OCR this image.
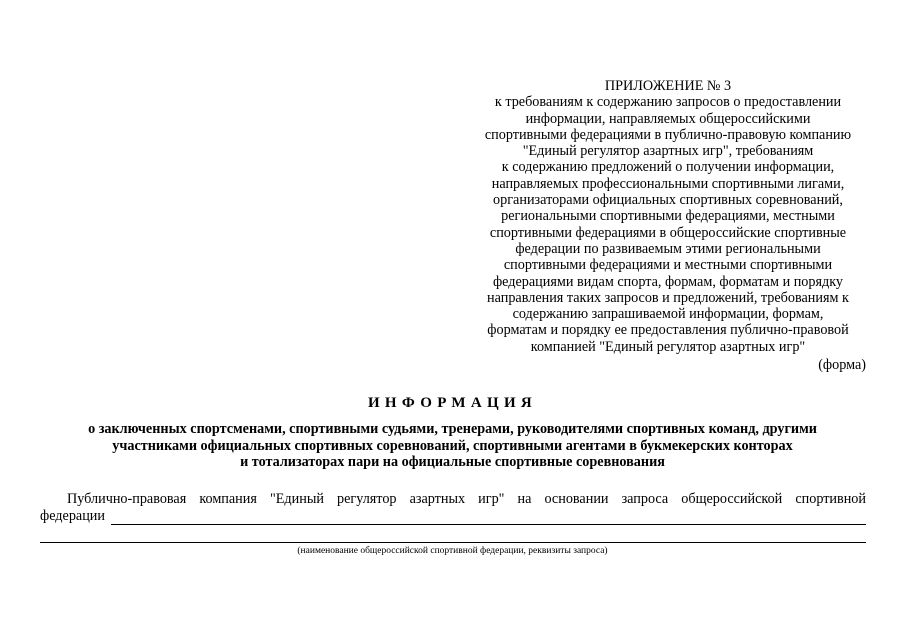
ПРИЛОЖЕНИЕ № 3
к требованиям к содержанию запросов о предоставлении
информации, направляемых общероссийскими
спортивными федерациями в публично-правовую компанию
"Единый регулятор азартных игр", требованиям
к содержанию предложений о получении информации,
направляемых профессиональными спортивными лигами,
организаторами официальных спортивных соревнований,
региональными спортивными федерациями, местными
спортивными федерациями в общероссийские спортивные
федерации по развиваемым этими региональными
спортивными федерациями и местными спортивными
федерациями видам спорта, формам, форматам и порядку
направления таких запросов и предложений, требованиям к
содержанию запрашиваемой информации, формам,
форматам и порядку ее предоставления публично-правовой
компанией "Единый регулятор азартных игр"
(форма)
ИНФОРМАЦИЯ
о заключенных спортсменами, спортивными судьями, тренерами, руководителями спортивных команд, другими
участниками официальных спортивных соревнований, спортивными агентами в букмекерских конторах
и тотализаторах пари на официальные спортивные соревнования
Публично-правовая компания "Единый регулятор азартных игр" на основании запроса общероссийской спортивной
федерации
(наименование общероссийской спортивной федерации, реквизиты запроса)
